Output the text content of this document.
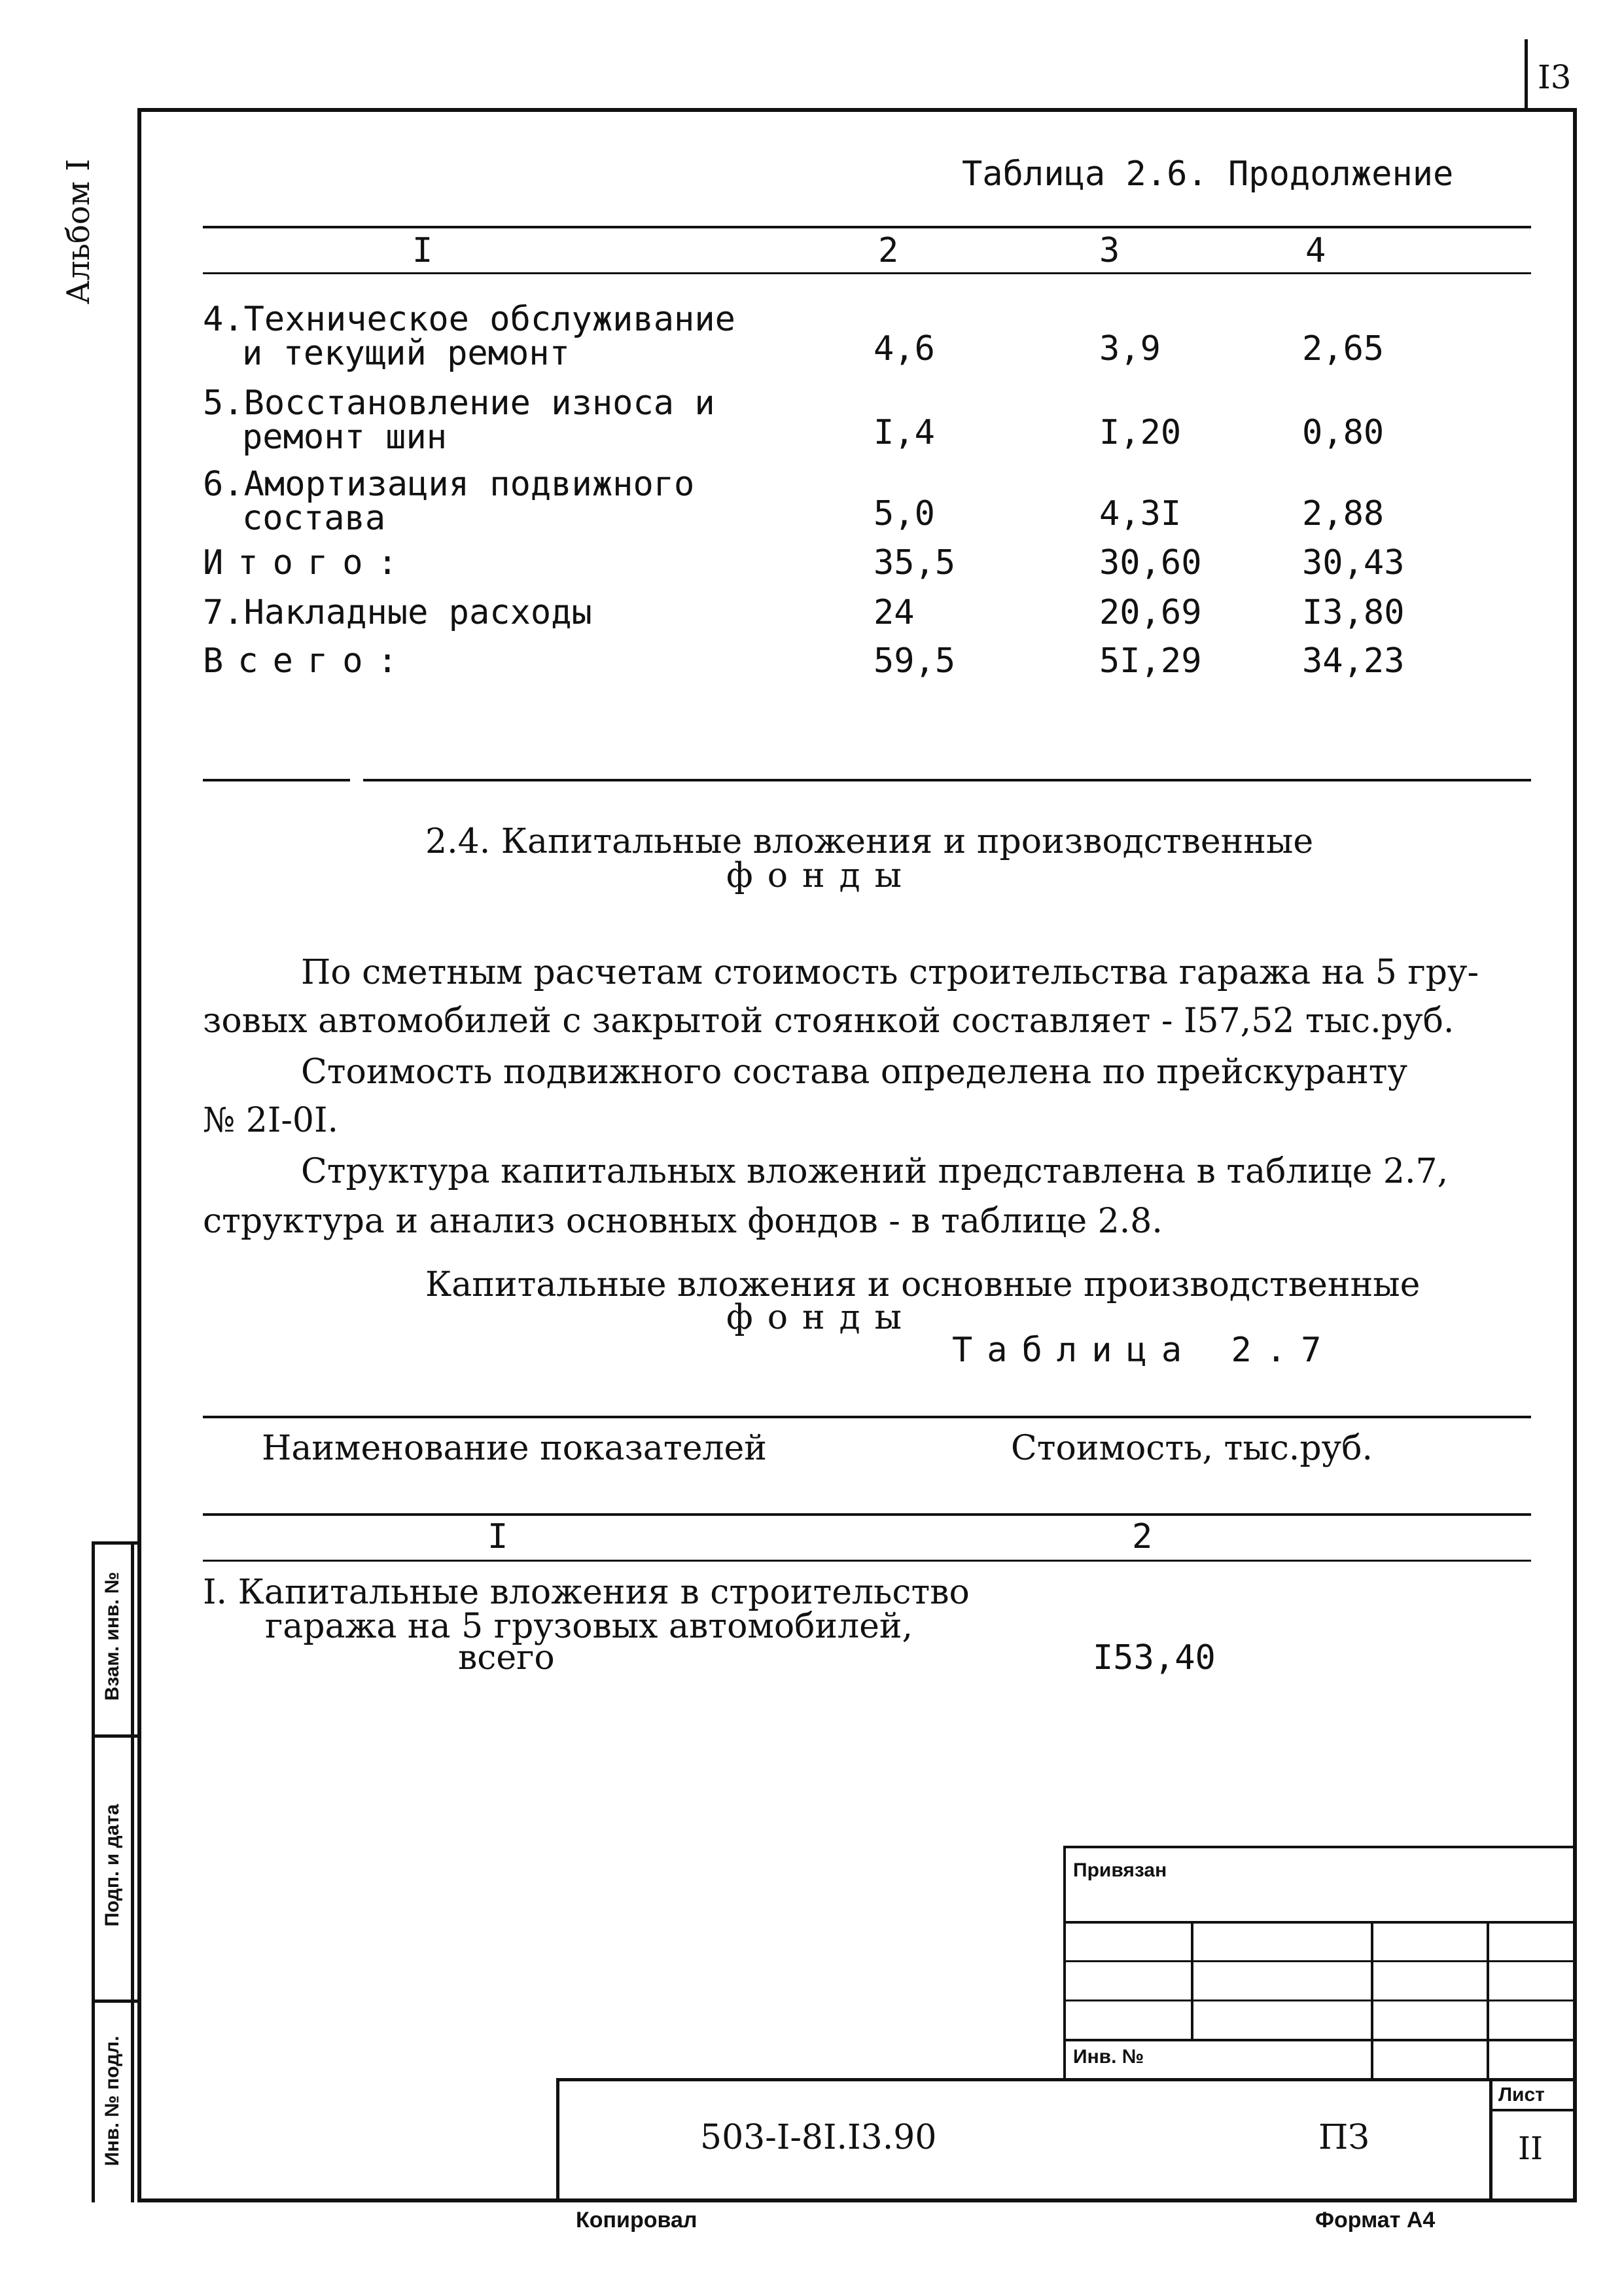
I3
Альбом I	Таблица 2.6. Продолжение
I	2	3	4
4.Техническое обслуживание
и текущий ремонт	4,6	3,9	2,65
5.Восстановление износа и
ремонт шин	I,4	I,20	0,80
6.Амортизация подвижного
состава	5,0	4,3I	2,88
Итого:	35,5	30,60	30,43
7.Накладные расходы	24	20,69	I3,80
Всего:	59,5	5I,29	34,23
2.4. Капитальные вложения и производственные
фонды
По сметным расчетам стоимость строительства гаража на 5 гру-
зовых автомобилей с закрытой стоянкой составляет - I57,52 тыс.руб.
Стоимость подвижного состава определена по прейскуранту
№ 2I-0I.
Структура капитальных вложений представлена в таблице 2.7,
структура и анализ основных фондов - в таблице 2.8.
Капитальные вложения и основные производственные
фонды
Таблица 2.7
Наименование показателей	Стоимость, тыс.руб.
I	2
I. Капитальные вложения в строительство
гаража на 5 грузовых автомобилей,
всего	I53,40
Взам. инв. №
Подп. и дата
Инв. № подл.
Привязан
Инв. №
503-I-8I.I3.90	ПЗ
Лист
II
Копировал	Формат А4
